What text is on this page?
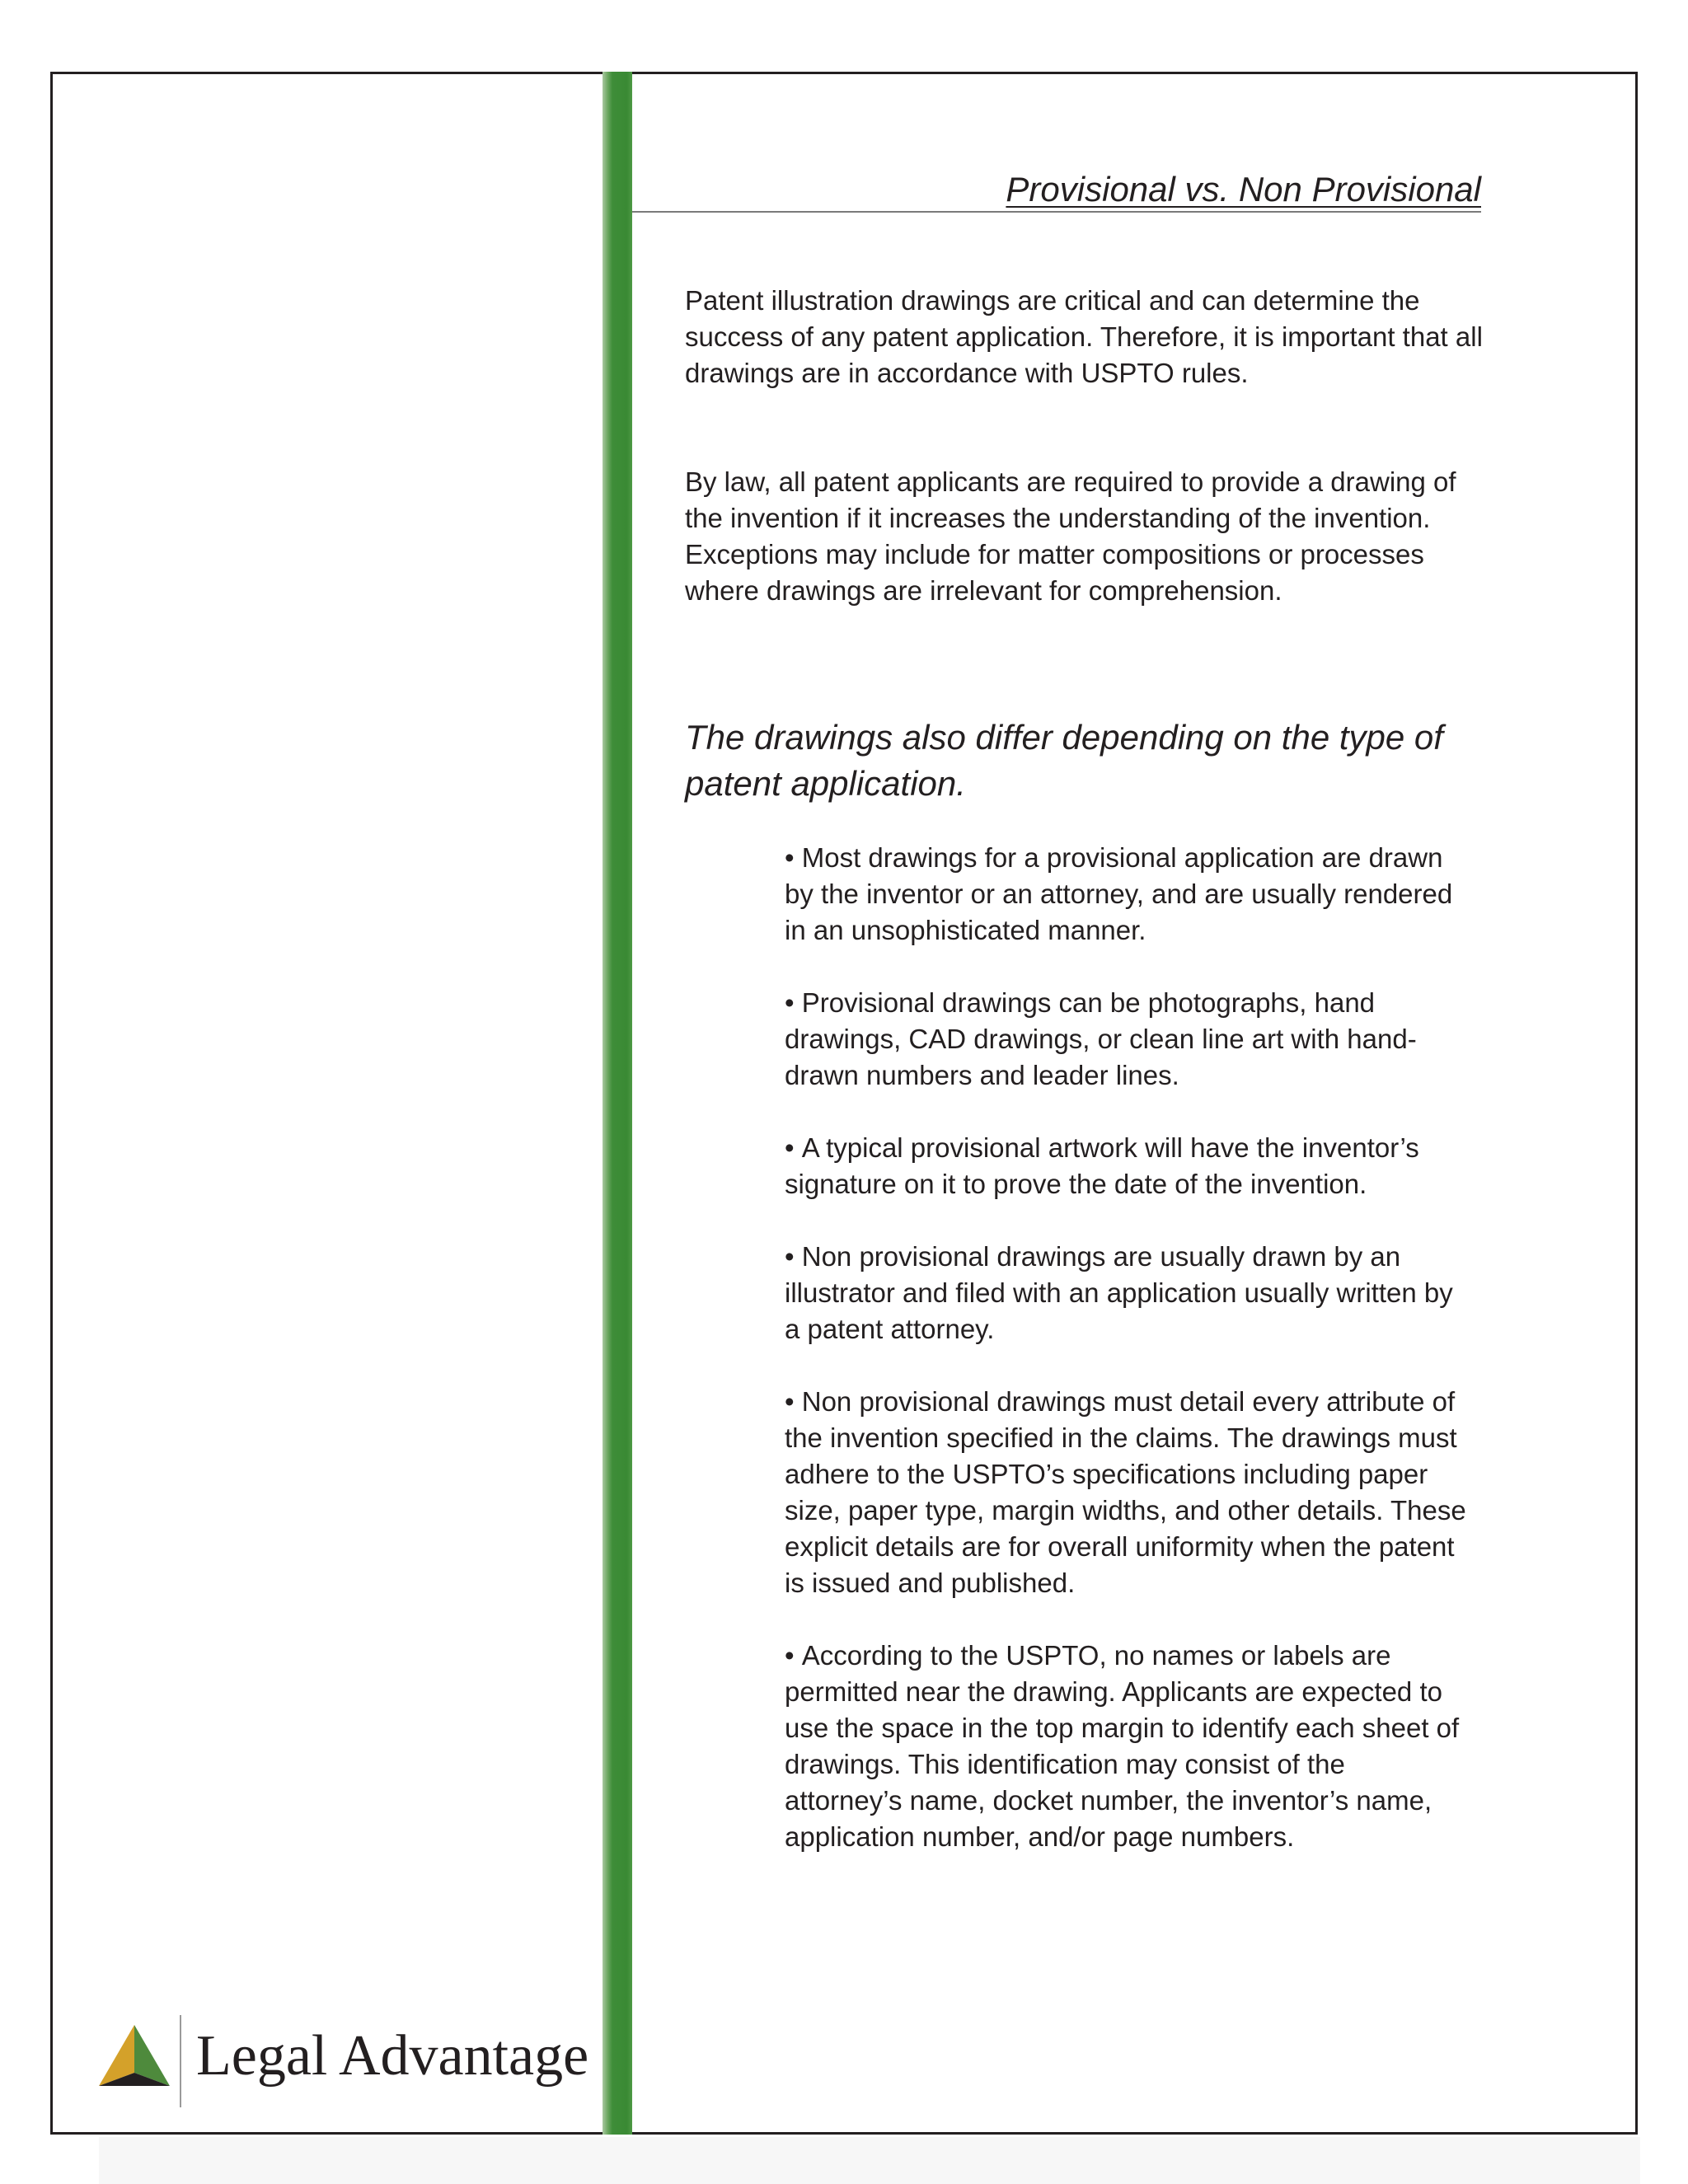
Provisional vs. Non Provisional

Patent illustration drawings are critical and can determine the success of any patent application. Therefore, it is important that all drawings are in accordance with USPTO rules.

By law, all patent applicants are required to provide a drawing of the invention if it increases the understanding of the invention. Exceptions may include for matter compositions or processes where drawings are irrelevant for comprehension.

The drawings also differ depending on the type of patent application.

• Most drawings for a provisional application are drawn by the inventor or an attorney, and are usually rendered in an unsophisticated manner.
• Provisional drawings can be photographs, hand drawings, CAD drawings, or clean line art with hand-drawn numbers and leader lines.
• A typical provisional artwork will have the inventor’s signature on it to prove the date of the invention.
• Non provisional drawings are usually drawn by an illustrator and filed with an application usually written by a patent attorney.
• Non provisional drawings must detail every attribute of the invention specified in the claims. The drawings must adhere to the USPTO’s specifications including paper size, paper type, margin widths, and other details. These explicit details are for overall uniformity when the patent is issued and published.
• According to the USPTO, no names or labels are permitted near the drawing. Applicants are expected to use the space in the top margin to identify each sheet of drawings. This identification may consist of the attorney’s name, docket number, the inventor’s name, application number, and/or page numbers.
Legal Advantage
